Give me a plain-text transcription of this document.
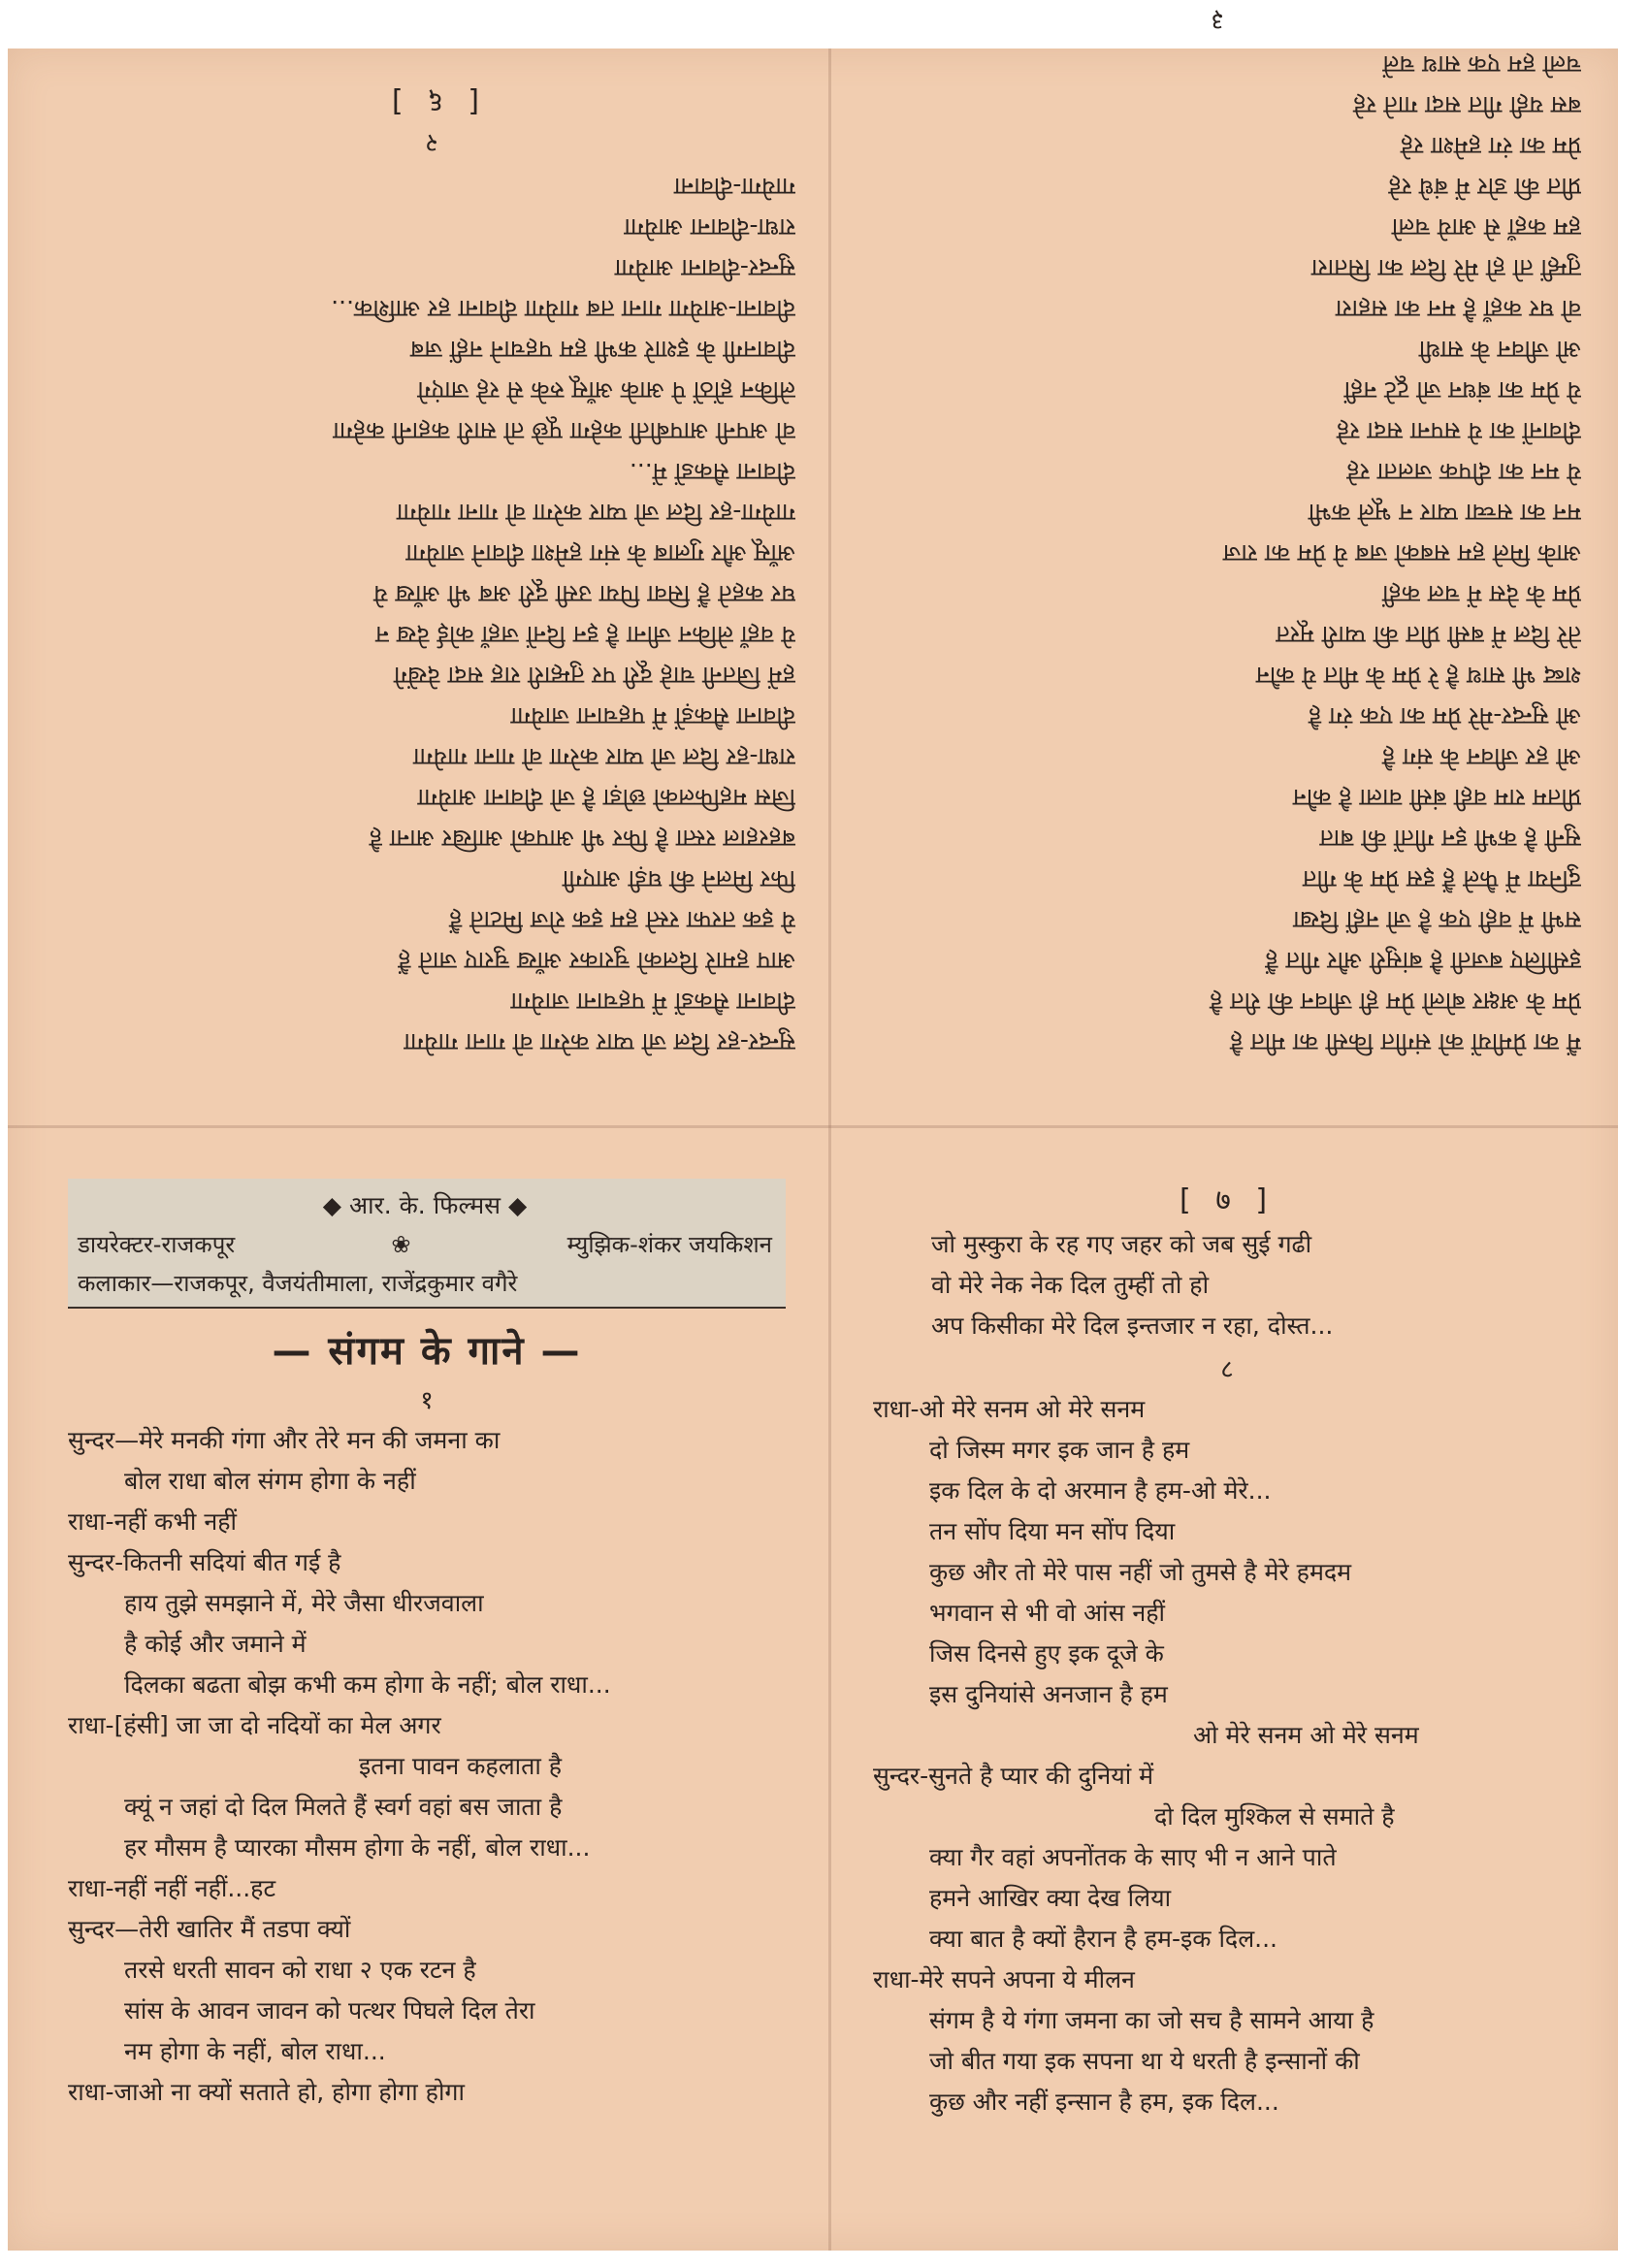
सुन्दर-हर दिल जो प्यार करेगा वो गाना गायेगा
दीवाना सैकडों में पहचाना जायेगा
आप हमारे दिलको चुराकर आँख चुराए जाते हैं
ये इक तरफा रस्ते हम इक रोज मिटाते हैं
फिर मिलने की घड़ी आएगी
बहरहाल रस्ता है फिर भी आपको आखिर आना है
जिस महफिलको छोड़ा है जो दीवाना आयेगा
राधा-हर दिल जो प्यार करेगा वो गाना गायेगा
दीवाना सैकड़ों में पहचाना जायेगा
हमें जितनी चाहे दूरी पर तुम्हारी राह सदा देखेंगे
ये वहाँ लेकिन जीना है इन दिनों जहाँ कोई देख न
घर कहते हैं सिवा पिया उसी दूरी अब भी आँख ये
आँसू और गुलाब के संग हमेशा दीवाने जायेगा
गायेगा-हर दिल जो प्यार करेगा वो गाना गायेगा
दीवाना सैकडों में...
वो अपनी आपबीती कहेगा पूछे तो सारी कहानी कहेगा
लेकिन होंठों पे आके आँसू रुके से रहे जाएंगे
दीवानगी के इशारे कभी हम पहचाने नहीं जब
दीवाना-आयेगा गाना तब गायेगा दीवाना हर आशिक...
सुन्दर-दीवाना आयेगा
राधा-दीवाना आयेगा
गायेगा-दीवाना
२
[ ६ ]
मैं का प्रेमीयों को संगीत किसी का मीत है
प्रेम के अक्षर बोलो प्रेम ही जीवन की रीत है
इसीलिए बजती है बांसुरी और गीत हैं
सभी में वही एक है जो नहीं दिखा
दुनिया में फैले हैं इस प्रेम के गीत
सुनी है कभी इन गीतों की बात
प्रीतम राम वही बंसी वाला है कौन
ओ हर जीवन के संग है
ओ सुन्दर-मेरे प्रेम का एक रंग है
शब्द भी साथ है रे प्रेम के मीत ये कौन
तेरे दिल में बसी प्रीत की प्यारी मूरत
प्रेम के देस में चल कहीं
आके मिले हम सबको जब ये प्रेम का राज
मन का सच्चा प्यार न भूले कभी
ये मन का दीपक जलता रहे
दीवानों का ये सपना सदा रहे
ये प्रेम का बंधन जो टूटे नहीं
ओ जीवन के साथी
वो घर कहाँ है मन का सहारा
तुम्हीं तो हो मेरे दिल का सितारा
हम कहाँ से आये चलो
प्रीत की डोर में बंधे रहे
प्रेम का रंग हमेशा रहे
बस यही गीत सदा गाते रहे
चलो हम एक साथ चलें
३
◆ आर. के. फिल्मस ◆
डायरेक्टर-राजकपूर	❀	म्युझिक-शंकर जयकिशन
कलाकार—राजकपूर, वैजयंतीमाला, राजेंद्रकुमार वगैरे
— संगम के गाने —
१
सुन्दर—मेरे मनकी गंगा और तेरे मन की जमना का
बोल राधा बोल संगम होगा के नहीं
राधा-नहीं कभी नहीं
सुन्दर-कितनी सदियां बीत गई है
हाय तुझे समझाने में, मेरे जैसा धीरजवाला
है कोई और जमाने में
दिलका बढता बोझ कभी कम होगा के नहीं; बोल राधा...
राधा-[हंसी] जा जा दो नदियों का मेल अगर
इतना पावन कहलाता है
क्यूं न जहां दो दिल मिलते हैं स्वर्ग वहां बस जाता है
हर मौसम है प्यारका मौसम होगा के नहीं, बोल राधा...
राधा-नहीं नहीं नहीं...हट
सुन्दर—तेरी खातिर मैं तडपा क्यों
तरसे धरती सावन को राधा २ एक रटन है
सांस के आवन जावन को पत्थर पिघले दिल तेरा
नम होगा के नहीं, बोल राधा...
राधा-जाओ ना क्यों सताते हो, होगा होगा होगा
[ ७ ]
जो मुस्कुरा के रह गए जहर को जब सुई गढी
वो मेरे नेक नेक दिल तुम्हीं तो हो
अप किसीका मेरे दिल इन्तजार न रहा, दोस्त...
८
राधा-ओ मेरे सनम ओ मेरे सनम
दो जिस्म मगर इक जान है हम
इक दिल के दो अरमान है हम-ओ मेरे...
तन सोंप दिया मन सोंप दिया
कुछ और तो मेरे पास नहीं जो तुमसे है मेरे हमदम
भगवान से भी वो आंस नहीं
जिस दिनसे हुए इक दूजे के
इस दुनियांसे अनजान है हम
ओ मेरे सनम ओ मेरे सनम
सुन्दर-सुनते है प्यार की दुनियां में
दो दिल मुश्किल से समाते है
क्या गैर वहां अपनोंतक के साए भी न आने पाते
हमने आखिर क्या देख लिया
क्या बात है क्यों हैरान है हम-इक दिल...
राधा-मेरे सपने अपना ये मीलन
संगम है ये गंगा जमना का जो सच है सामने आया है
जो बीत गया इक सपना था ये धरती है इन्सानों की
कुछ और नहीं इन्सान है हम, इक दिल...
